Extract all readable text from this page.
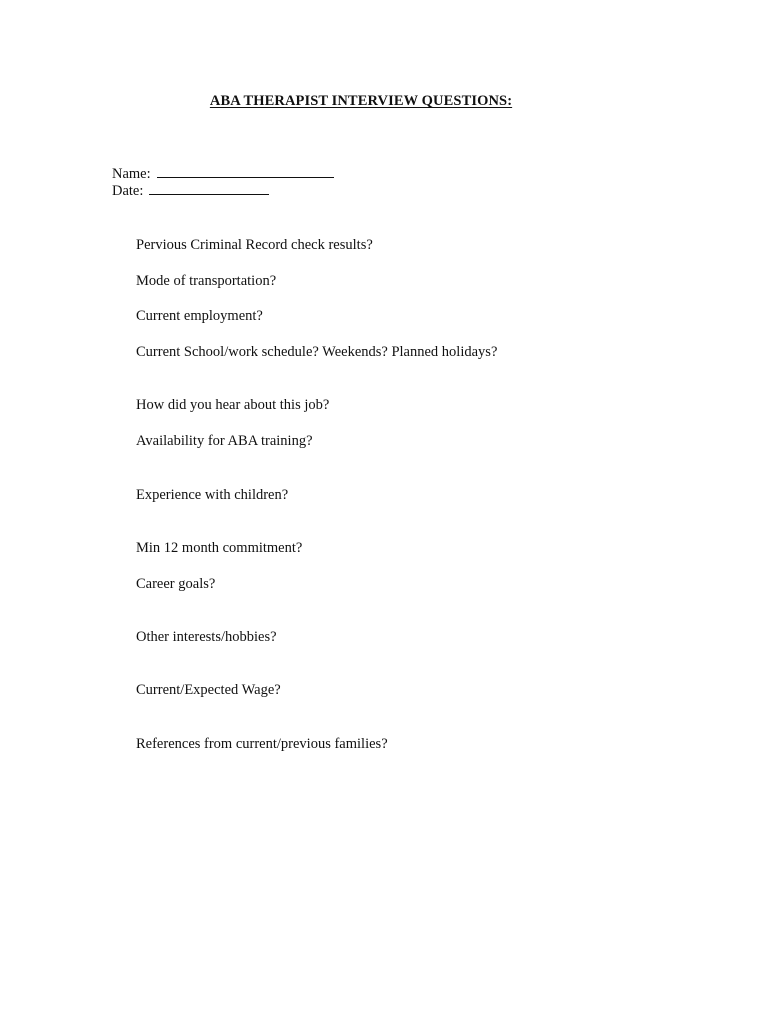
ABA THERAPIST INTERVIEW QUESTIONS:
Name:
Date:
Pervious Criminal Record check results?
Mode of transportation?
Current employment?
Current School/work schedule? Weekends? Planned holidays?
How did you hear about this job?
Availability for ABA training?
Experience with children?
Min 12 month commitment?
Career goals?
Other interests/hobbies?
Current/Expected Wage?
References from current/previous families?
